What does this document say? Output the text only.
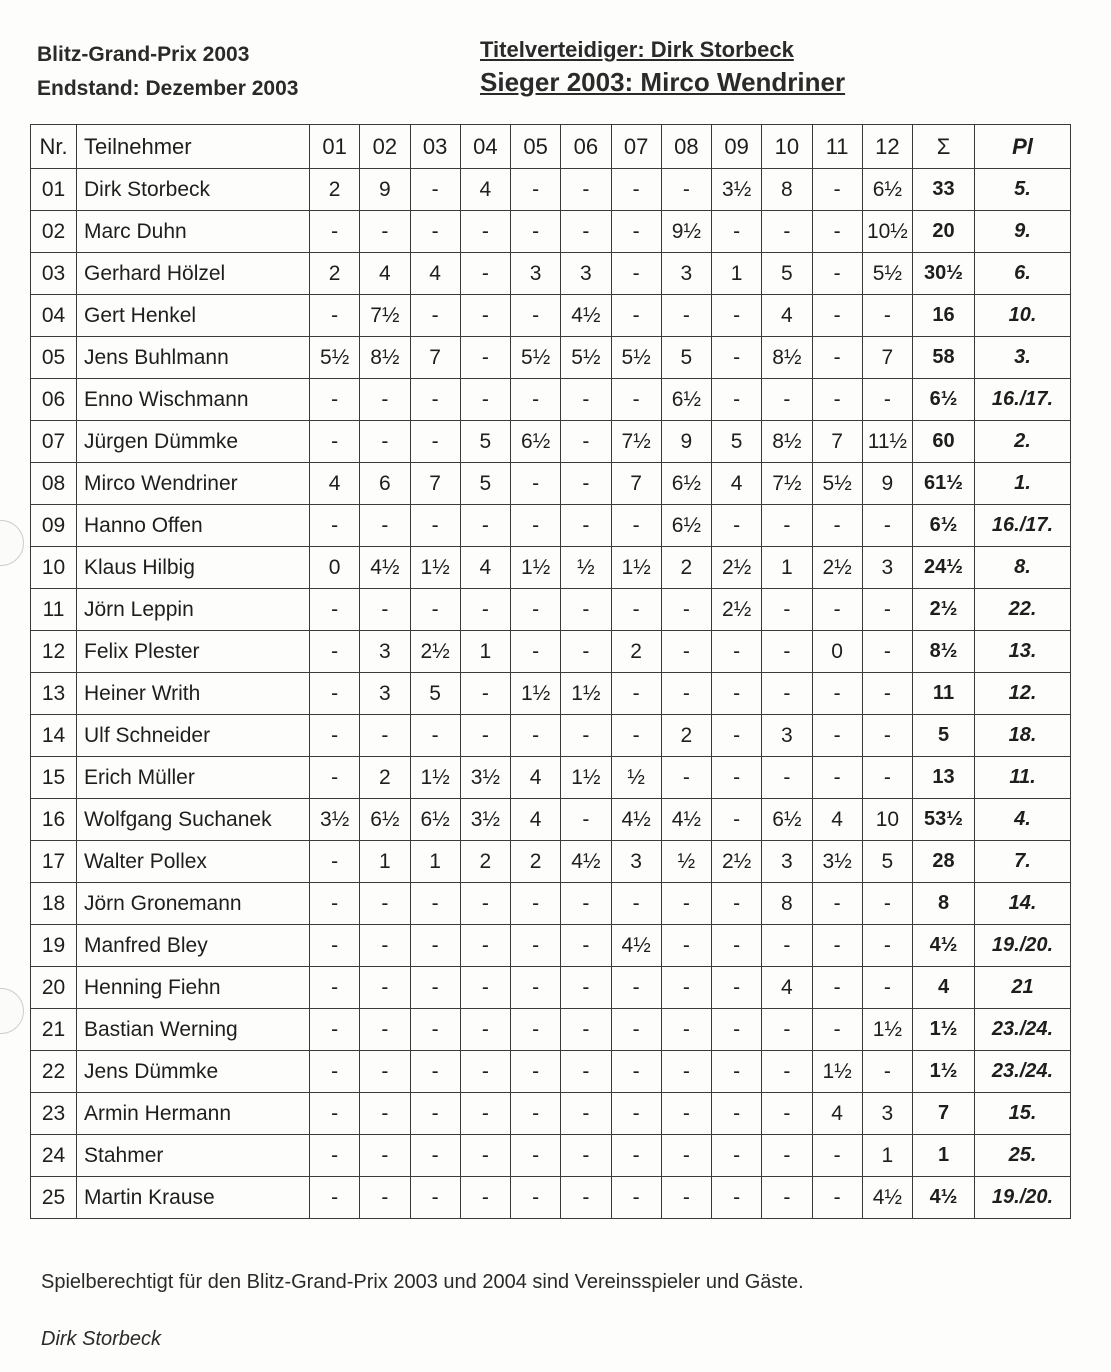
Blitz-Grand-Prix 2003
Endstand: Dezember 2003
Titelverteidiger: Dirk Storbeck
Sieger 2003: Mirco Wendriner
Nr.	Teilnehmer	01	02	03	04	05	06	07	08	09	10	11	12	Σ	Pl
01	Dirk Storbeck	2	9	-	4	-	-	-	-	3½	8	-	6½	33	5.
02	Marc Duhn	-	-	-	-	-	-	-	9½	-	-	-	10½	20	9.
03	Gerhard Hölzel	2	4	4	-	3	3	-	3	1	5	-	5½	30½	6.
04	Gert Henkel	-	7½	-	-	-	4½	-	-	-	4	-	-	16	10.
05	Jens Buhlmann	5½	8½	7	-	5½	5½	5½	5	-	8½	-	7	58	3.
06	Enno Wischmann	-	-	-	-	-	-	-	6½	-	-	-	-	6½	16./17.
07	Jürgen Dümmke	-	-	-	5	6½	-	7½	9	5	8½	7	11½	60	2.
08	Mirco Wendriner	4	6	7	5	-	-	7	6½	4	7½	5½	9	61½	1.
09	Hanno Offen	-	-	-	-	-	-	-	6½	-	-	-	-	6½	16./17.
10	Klaus Hilbig	0	4½	1½	4	1½	½	1½	2	2½	1	2½	3	24½	8.
11	Jörn Leppin	-	-	-	-	-	-	-	-	2½	-	-	-	2½	22.
12	Felix Plester	-	3	2½	1	-	-	2	-	-	-	0	-	8½	13.
13	Heiner Writh	-	3	5	-	1½	1½	-	-	-	-	-	-	11	12.
14	Ulf Schneider	-	-	-	-	-	-	-	2	-	3	-	-	5	18.
15	Erich Müller	-	2	1½	3½	4	1½	½	-	-	-	-	-	13	11.
16	Wolfgang Suchanek	3½	6½	6½	3½	4	-	4½	4½	-	6½	4	10	53½	4.
17	Walter Pollex	-	1	1	2	2	4½	3	½	2½	3	3½	5	28	7.
18	Jörn Gronemann	-	-	-	-	-	-	-	-	-	8	-	-	8	14.
19	Manfred Bley	-	-	-	-	-	-	4½	-	-	-	-	-	4½	19./20.
20	Henning Fiehn	-	-	-	-	-	-	-	-	-	4	-	-	4	21
21	Bastian Werning	-	-	-	-	-	-	-	-	-	-	-	1½	1½	23./24.
22	Jens Dümmke	-	-	-	-	-	-	-	-	-	-	1½	-	1½	23./24.
23	Armin Hermann	-	-	-	-	-	-	-	-	-	-	4	3	7	15.
24	Stahmer	-	-	-	-	-	-	-	-	-	-	-	1	1	25.
25	Martin Krause	-	-	-	-	-	-	-	-	-	-	-	4½	4½	19./20.
Spielberechtigt für den Blitz-Grand-Prix 2003 und 2004 sind Vereinsspieler und Gäste.
Dirk Storbeck
